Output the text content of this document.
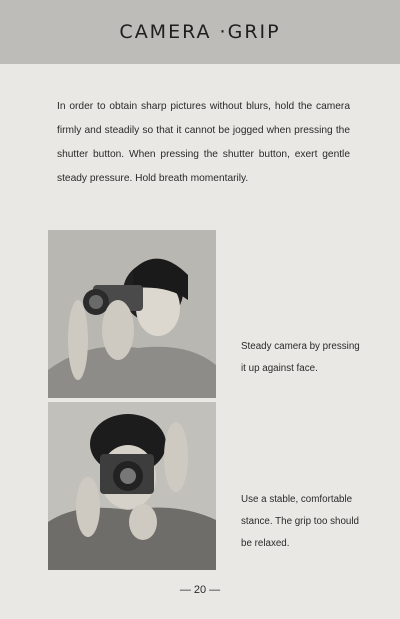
CAMERA ·GRIP

In order to obtain sharp pictures without blurs, hold the camera firmly and steadily so that it cannot be jogged when pressing the shutter button. When pressing the shutter button, exert gentle steady pressure. Hold breath momentarily.

Steady camera by pressing it up against face.

Use a stable, comfortable stance. The grip too should be relaxed.

— 20 —
